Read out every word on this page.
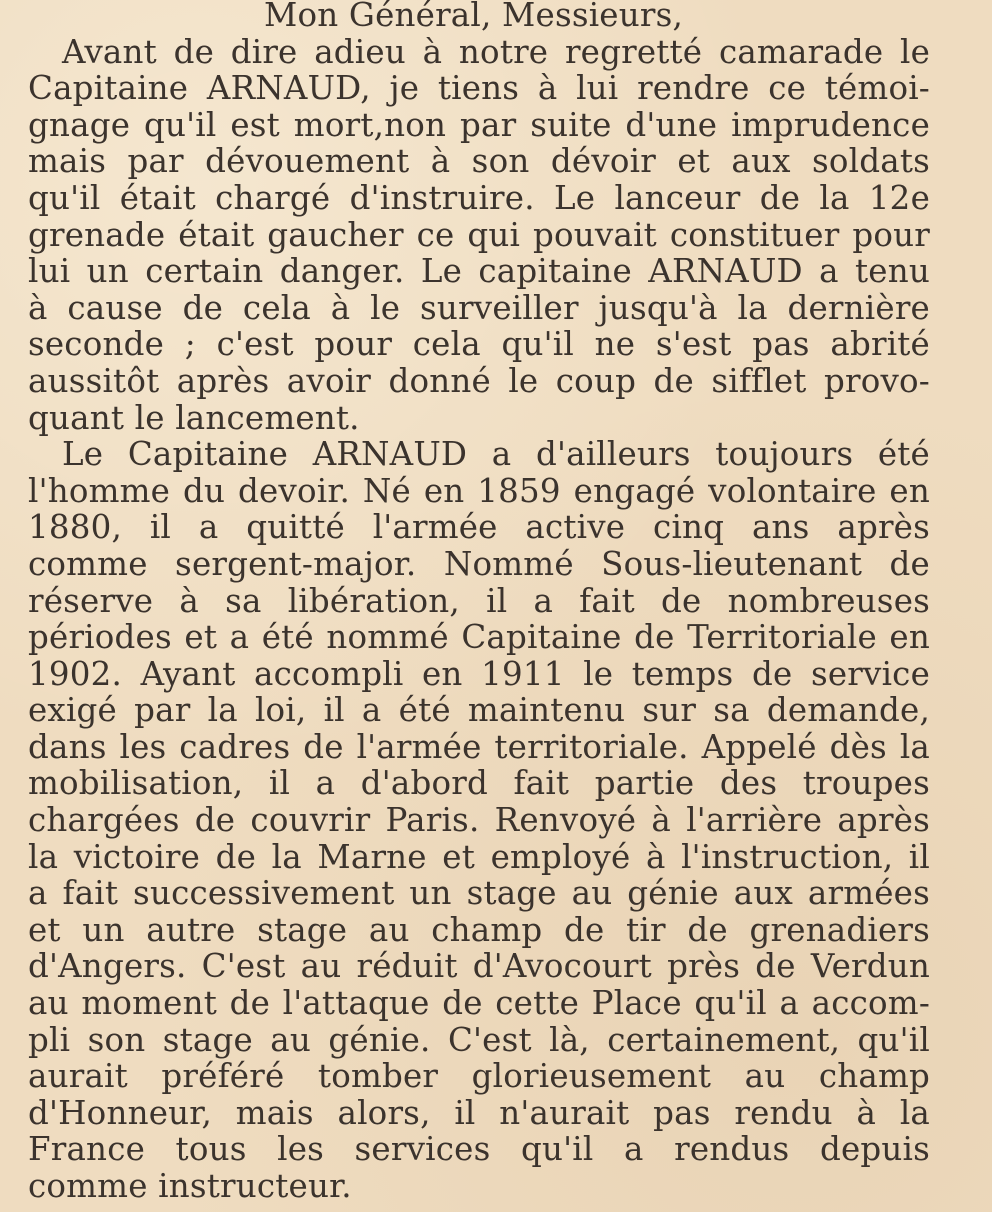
Mon Général, Messieurs,
Avant de dire adieu à notre regretté camarade le
Capitaine ARNAUD, je tiens à lui rendre ce témoi-
gnage qu'il est mort,non par suite d'une imprudence
mais par dévouement à son dévoir et aux soldats
qu'il était chargé d'instruire. Le lanceur de la 12e
grenade était gaucher ce qui pouvait constituer pour
lui un certain danger. Le capitaine ARNAUD a tenu
à cause de cela à le surveiller jusqu'à la dernière
seconde ; c'est pour cela qu'il ne s'est pas abrité
aussitôt après avoir donné le coup de sifflet provo-
quant le lancement.
Le Capitaine ARNAUD a d'ailleurs toujours été
l'homme du devoir. Né en 1859 engagé volontaire en
1880, il a quitté l'armée active cinq ans après
comme sergent-major. Nommé Sous-lieutenant de
réserve à sa libération, il a fait de nombreuses
périodes et a été nommé Capitaine de Territoriale en
1902. Ayant accompli en 1911 le temps de service
exigé par la loi, il a été maintenu sur sa demande,
dans les cadres de l'armée territoriale. Appelé dès la
mobilisation, il a d'abord fait partie des troupes
chargées de couvrir Paris. Renvoyé à l'arrière après
la victoire de la Marne et employé à l'instruction, il
a fait successivement un stage au génie aux armées
et un autre stage au champ de tir de grenadiers
d'Angers. C'est au réduit d'Avocourt près de Verdun
au moment de l'attaque de cette Place qu'il a accom-
pli son stage au génie. C'est là, certainement, qu'il
aurait préféré tomber glorieusement au champ
d'Honneur, mais alors, il n'aurait pas rendu à la
France tous les services qu'il a rendus depuis
comme instructeur.
